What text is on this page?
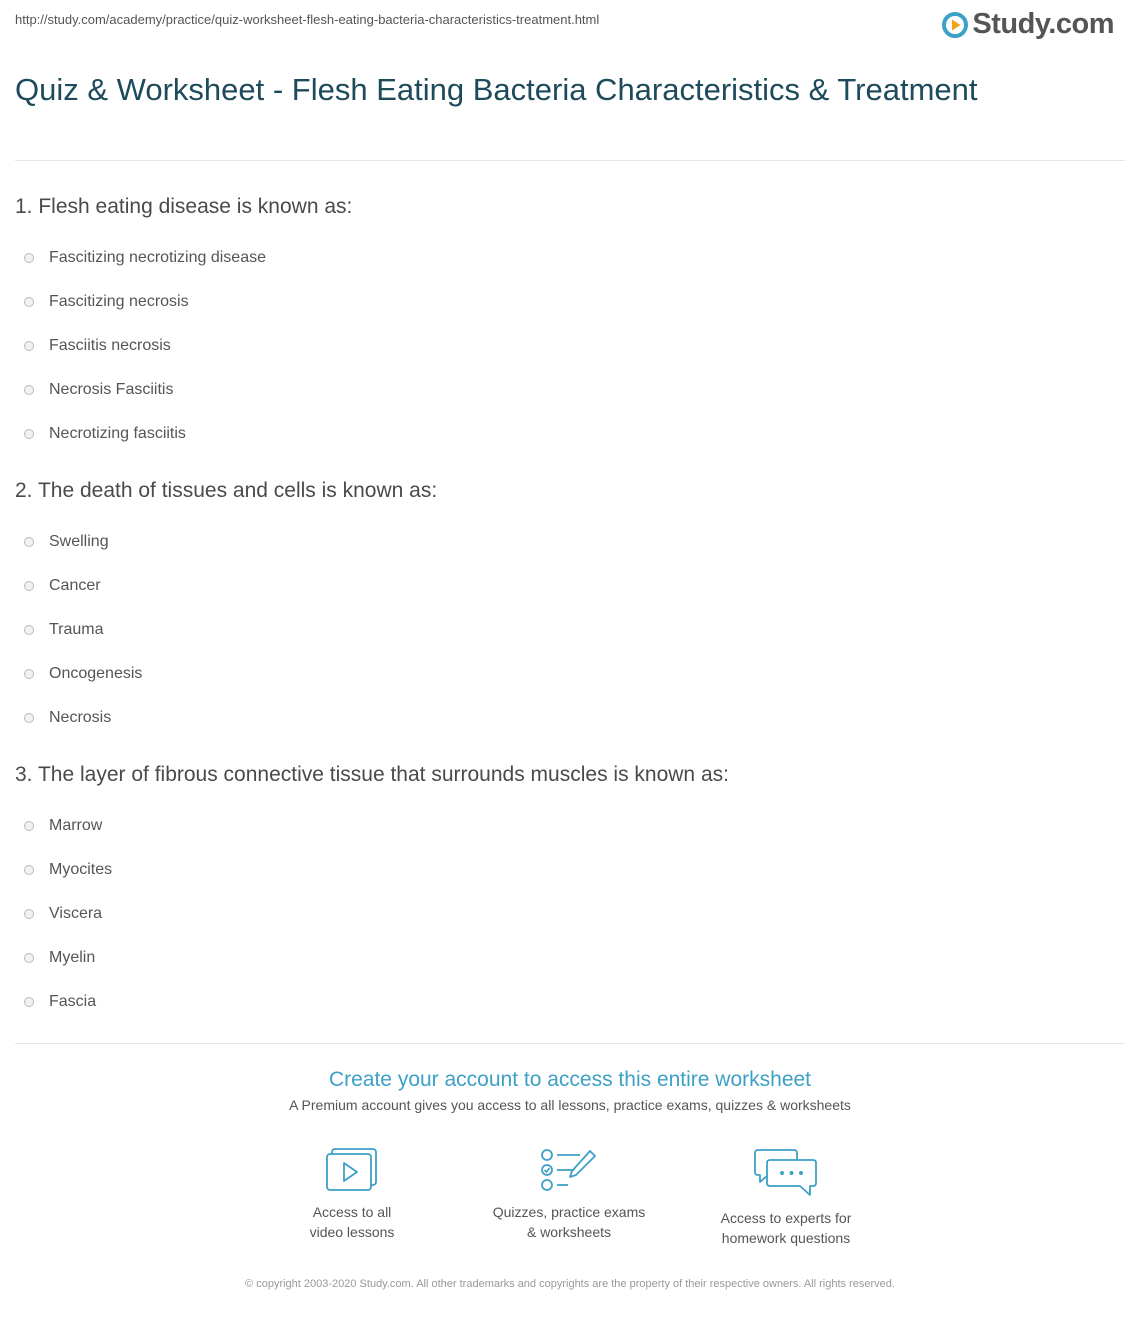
http://study.com/academy/practice/quiz-worksheet-flesh-eating-bacteria-characteristics-treatment.html	Study.com
Quiz & Worksheet - Flesh Eating Bacteria Characteristics & Treatment
1. Flesh eating disease is known as:
Fascitizing necrotizing disease
Fascitizing necrosis
Fasciitis necrosis
Necrosis Fasciitis
Necrotizing fasciitis
2. The death of tissues and cells is known as:
Swelling
Cancer
Trauma
Oncogenesis
Necrosis
3. The layer of fibrous connective tissue that surrounds muscles is known as:
Marrow
Myocites
Viscera
Myelin
Fascia
Create your account to access this entire worksheet
A Premium account gives you access to all lessons, practice exams, quizzes & worksheets
Access to all
video lessons
Quizzes, practice exams
& worksheets
Access to experts for
homework questions
© copyright 2003-2020 Study.com. All other trademarks and copyrights are the property of their respective owners. All rights reserved.
